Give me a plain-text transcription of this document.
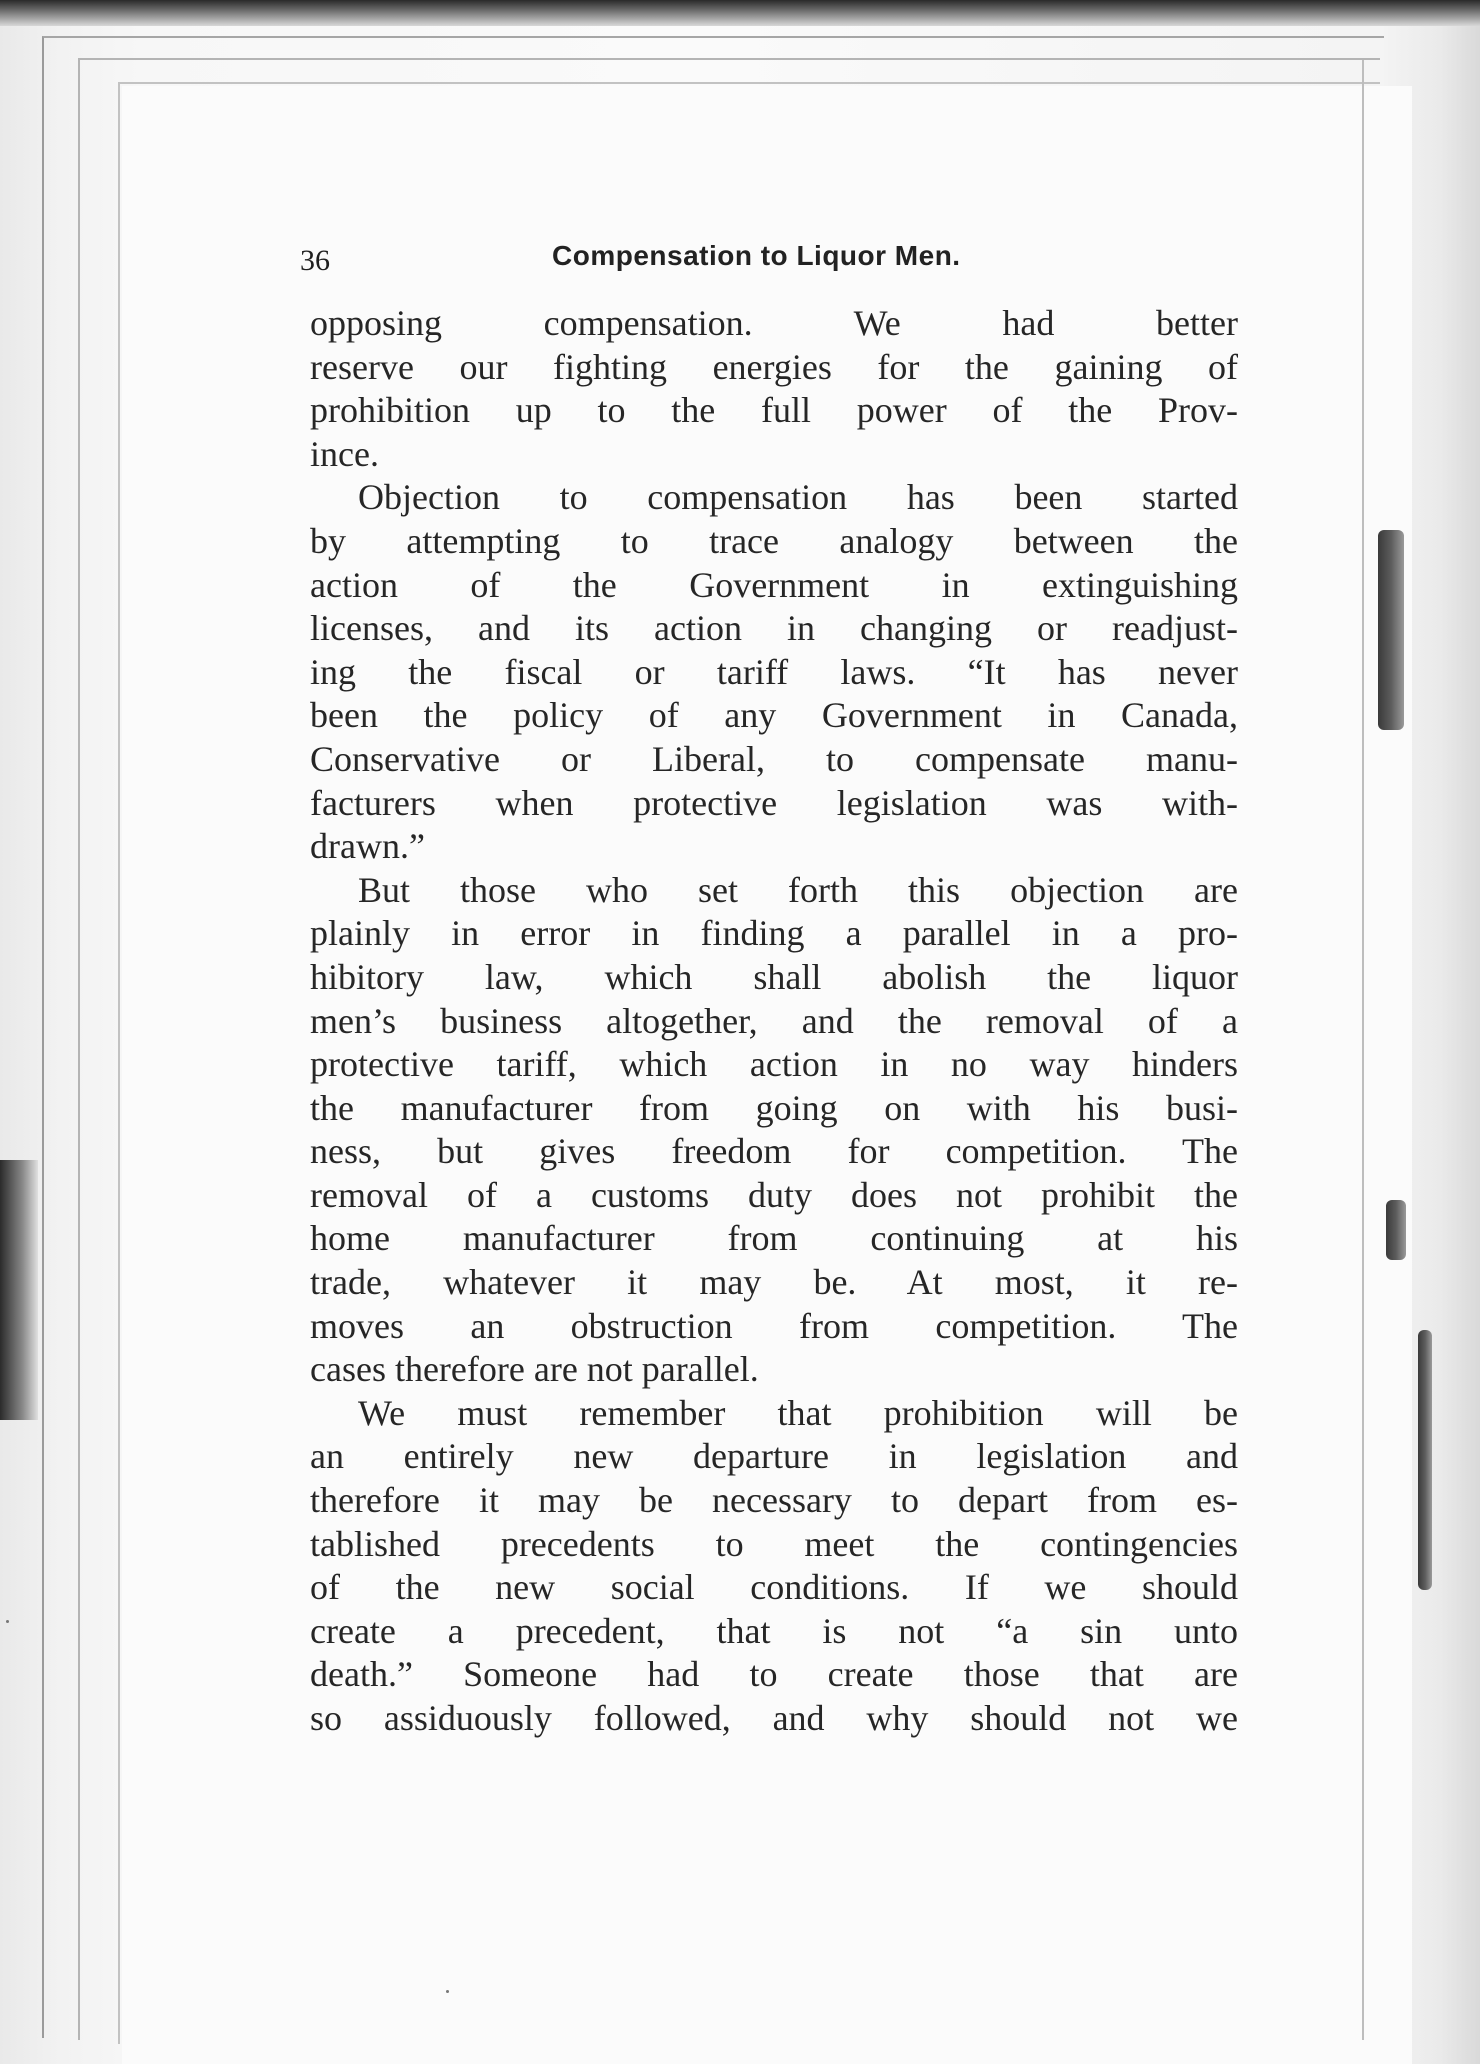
36	Compensation to Liquor Men.

opposing compensation. We had better
reserve our fighting energies for the gaining of
prohibition up to the full power of the Prov-
ince.

Objection to compensation has been started
by attempting to trace analogy between the
action of the Government in extinguishing
licenses, and its action in changing or readjust-
ing the fiscal or tariff laws. “It has never
been the policy of any Government in Canada,
Conservative or Liberal, to compensate manu-
facturers when protective legislation was with-
drawn.”

But those who set forth this objection are
plainly in error in finding a parallel in a pro-
hibitory law, which shall abolish the liquor
men’s business altogether, and the removal of a
protective tariff, which action in no way hinders
the manufacturer from going on with his busi-
ness, but gives freedom for competition. The
removal of a customs duty does not prohibit the
home manufacturer from continuing at his
trade, whatever it may be. At most, it re-
moves an obstruction from competition. The
cases therefore are not parallel.

We must remember that prohibition will be
an entirely new departure in legislation and
therefore it may be necessary to depart from es-
tablished precedents to meet the contingencies
of the new social conditions. If we should
create a precedent, that is not “a sin unto
death.” Someone had to create those that are
so assiduously followed, and why should not we
